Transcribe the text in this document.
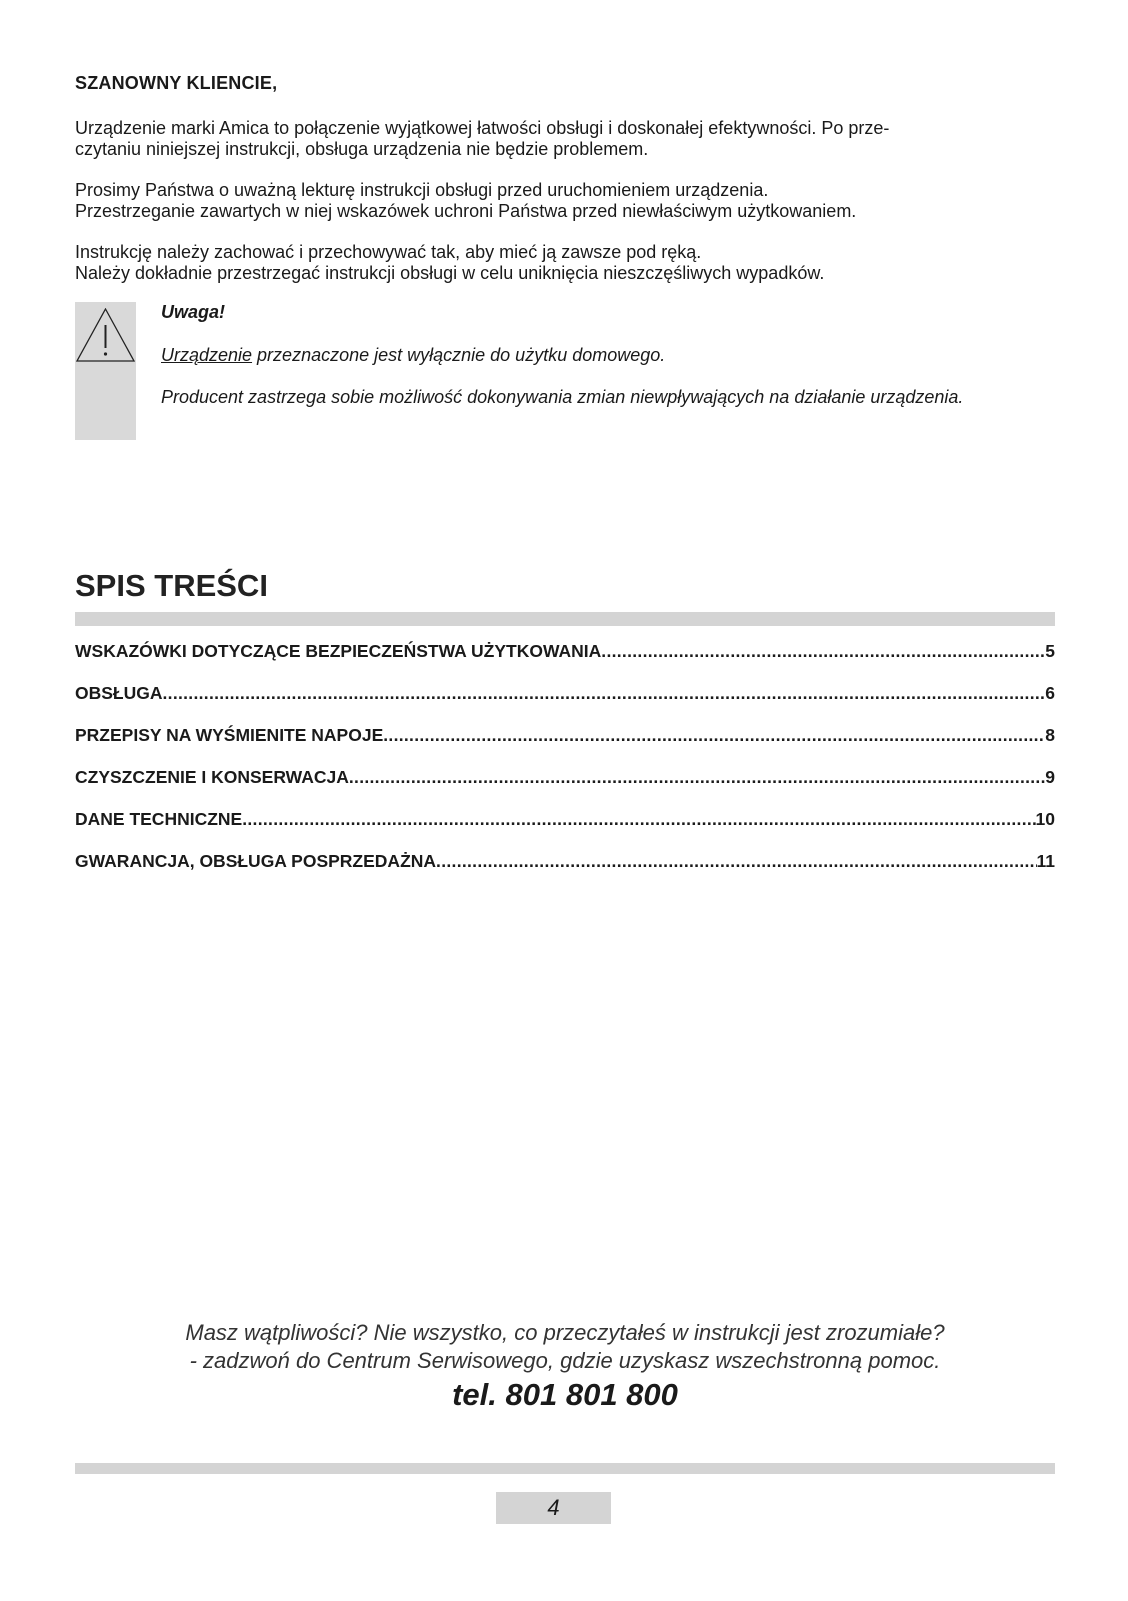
SZANOWNY KLIENCIE,
Urządzenie marki Amica to połączenie wyjątkowej łatwości obsługi i doskonałej efektywności. Po prze-
czytaniu niniejszej instrukcji, obsługa urządzenia nie będzie problemem.
Prosimy Państwa o uważną lekturę instrukcji obsługi przed uruchomieniem urządzenia.
Przestrzeganie zawartych w niej wskazówek uchroni Państwa przed niewłaściwym użytkowaniem.
Instrukcję należy zachować i przechowywać tak, aby mieć ją zawsze pod ręką.
Należy dokładnie przestrzegać instrukcji obsługi w celu uniknięcia nieszczęśliwych wypadków.
Uwaga!
Urządzenie przeznaczone jest wyłącznie do użytku domowego.
Producent zastrzega sobie możliwość dokonywania zmian niewpływających na działanie urządzenia.
SPIS TREŚCI
WSKAZÓWKI DOTYCZĄCE BEZPIECZEŃSTWA UŻYTKOWANIA .....	5
OBSŁUGA .....	6
PRZEPISY NA WYŚMIENITE NAPOJE .....	8
CZYSZCZENIE I KONSERWACJA .....	9
DANE TECHNICZNE .....	10
GWARANCJA, OBSŁUGA POSPRZEDAŻNA .....	11
Masz wątpliwości? Nie wszystko, co przeczytałeś w instrukcji jest zrozumiałe?
- zadzwoń do Centrum Serwisowego, gdzie uzyskasz wszechstronną pomoc.
tel. 801 801 800
4
